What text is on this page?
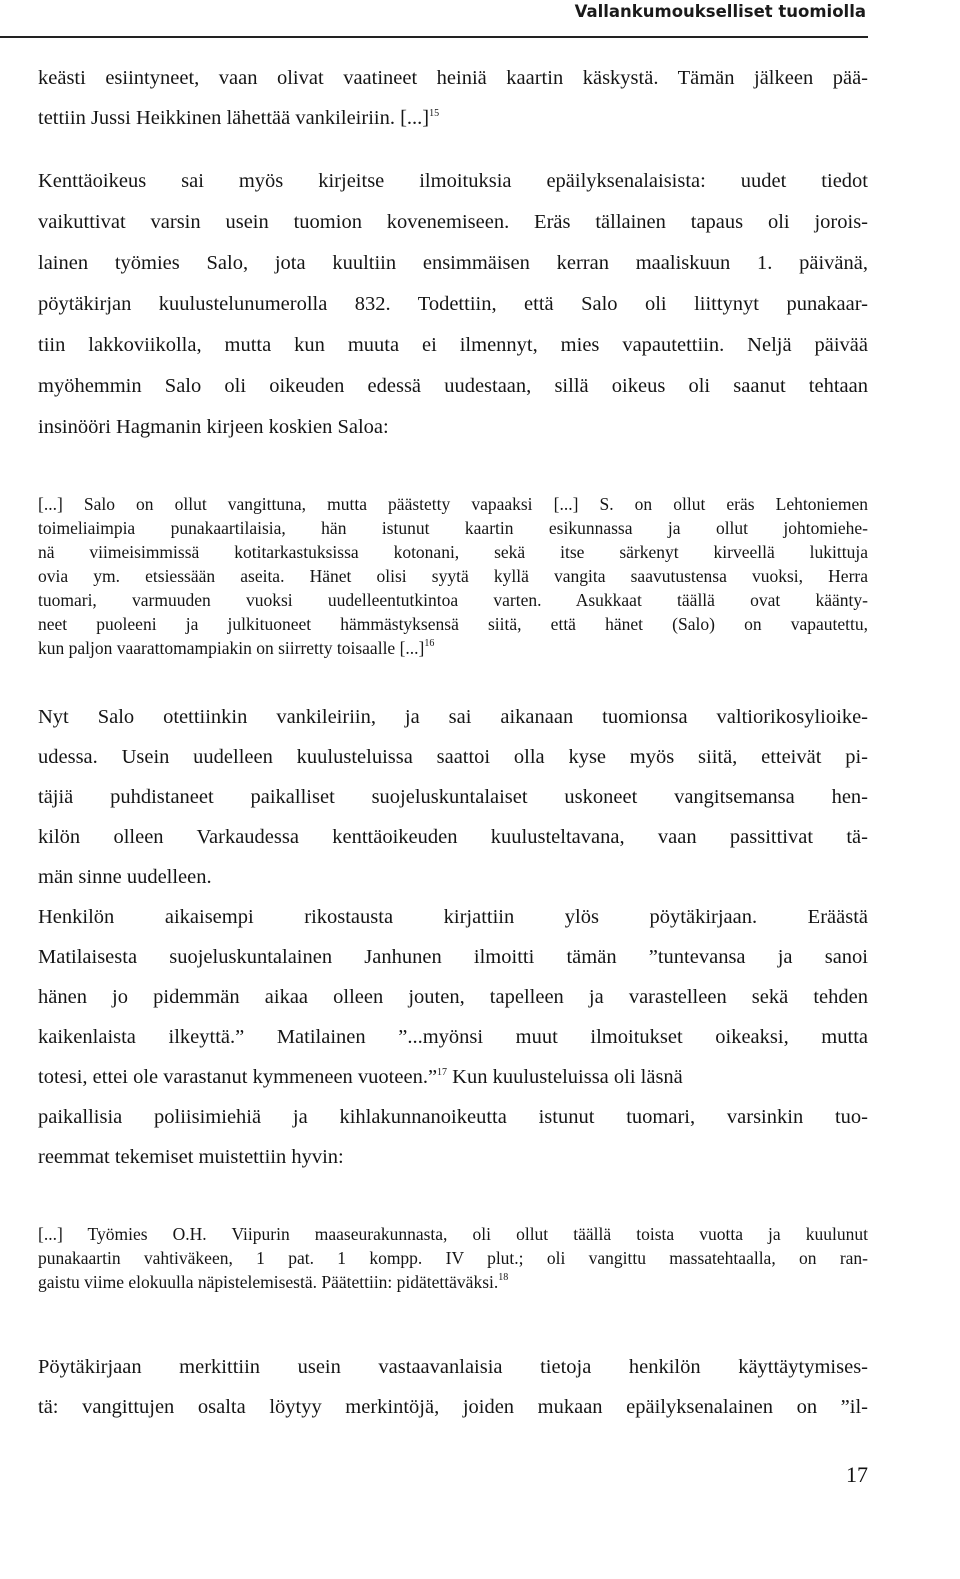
Vallankumoukselliset tuomiolla
keästi esiintyneet, vaan olivat vaatineet heiniä kaartin käskystä. Tämän jälkeen pää-
tettiin Jussi Heikkinen lähettää vankileiriin. [...]$^{15}$
Kenttäoikeus sai myös kirjeitse ilmoituksia epäilyksenalaisista: uudet tiedot
vaikuttivat varsin usein tuomion kovenemiseen. Eräs tällainen tapaus oli jorois-
lainen työmies Salo, jota kuultiin ensimmäisen kerran maaliskuun 1. päivänä,
pöytäkirjan kuulustelunumerolla 832. Todettiin, että Salo oli liittynyt punakaar-
tiin lakkoviikolla, mutta kun muuta ei ilmennyt, mies vapautettiin. Neljä päivää
myöhemmin Salo oli oikeuden edessä uudestaan, sillä oikeus oli saanut tehtaan
insinööri Hagmanin kirjeen koskien Saloa:
[...] Salo on ollut vangittuna, mutta päästetty vapaaksi [...] S. on ollut eräs Lehtoniemen
toimeliaimpia punakaartilaisia, hän istunut kaartin esikunnassa ja ollut johtomiehe-
nä viimeisimmissä kotitarkastuksissa kotonani, sekä itse särkenyt kirveellä lukittuja
ovia ym. etsiessään aseita. Hänet olisi syytä kyllä vangita saavutustensa vuoksi, Herra
tuomari, varmuuden vuoksi uudelleentutkintoa varten. Asukkaat täällä ovat käänty-
neet puoleeni ja julkituoneet hämmästyksensä siitä, että hänet (Salo) on vapautettu,
kun paljon vaarattomampiakin on siirretty toisaalle [...]$^{16}$
Nyt Salo otettiinkin vankileiriin, ja sai aikanaan tuomionsa valtiorikosylioike-
udessa. Usein uudelleen kuulusteluissa saattoi olla kyse myös siitä, etteivät pi-
täjiä puhdistaneet paikalliset suojeluskuntalaiset uskoneet vangitsemansa hen-
kilön olleen Varkaudessa kenttäoikeuden kuulusteltavana, vaan passittivat tä-
män sinne uudelleen.
Henkilön aikaisempi rikostausta kirjattiin ylös pöytäkirjaan. Eräästä
Matilaisesta suojeluskuntalainen Janhunen ilmoitti tämän ”tuntevansa ja sanoi
hänen jo pidemmän aikaa olleen jouten, tapelleen ja varastelleen sekä tehden
kaikenlaista ilkeyttä.” Matilainen ”...myönsi muut ilmoitukset oikeaksi, mutta
totesi, ettei ole varastanut kymmeneen vuoteen.”$^{17}$ Kun kuulusteluissa oli läsnä
paikallisia poliisimiehiä ja kihlakunnanoikeutta istunut tuomari, varsinkin tuo-
reemmat tekemiset muistettiin hyvin:
[...] Työmies O.H. Viipurin maaseurakunnasta, oli ollut täällä toista vuotta ja kuulunut
punakaartin vahtiväkeen, 1 pat. 1 kompp. IV plut.; oli vangittu massatehtaalla, on ran-
gaistu viime elokuulla näpistelemisestä. Päätettiin: pidätettäväksi.$^{18}$
Pöytäkirjaan merkittiin usein vastaavanlaisia tietoja henkilön käyttäytymises-
tä: vangittujen osalta löytyy merkintöjä, joiden mukaan epäilyksenalainen on ”il-
17
